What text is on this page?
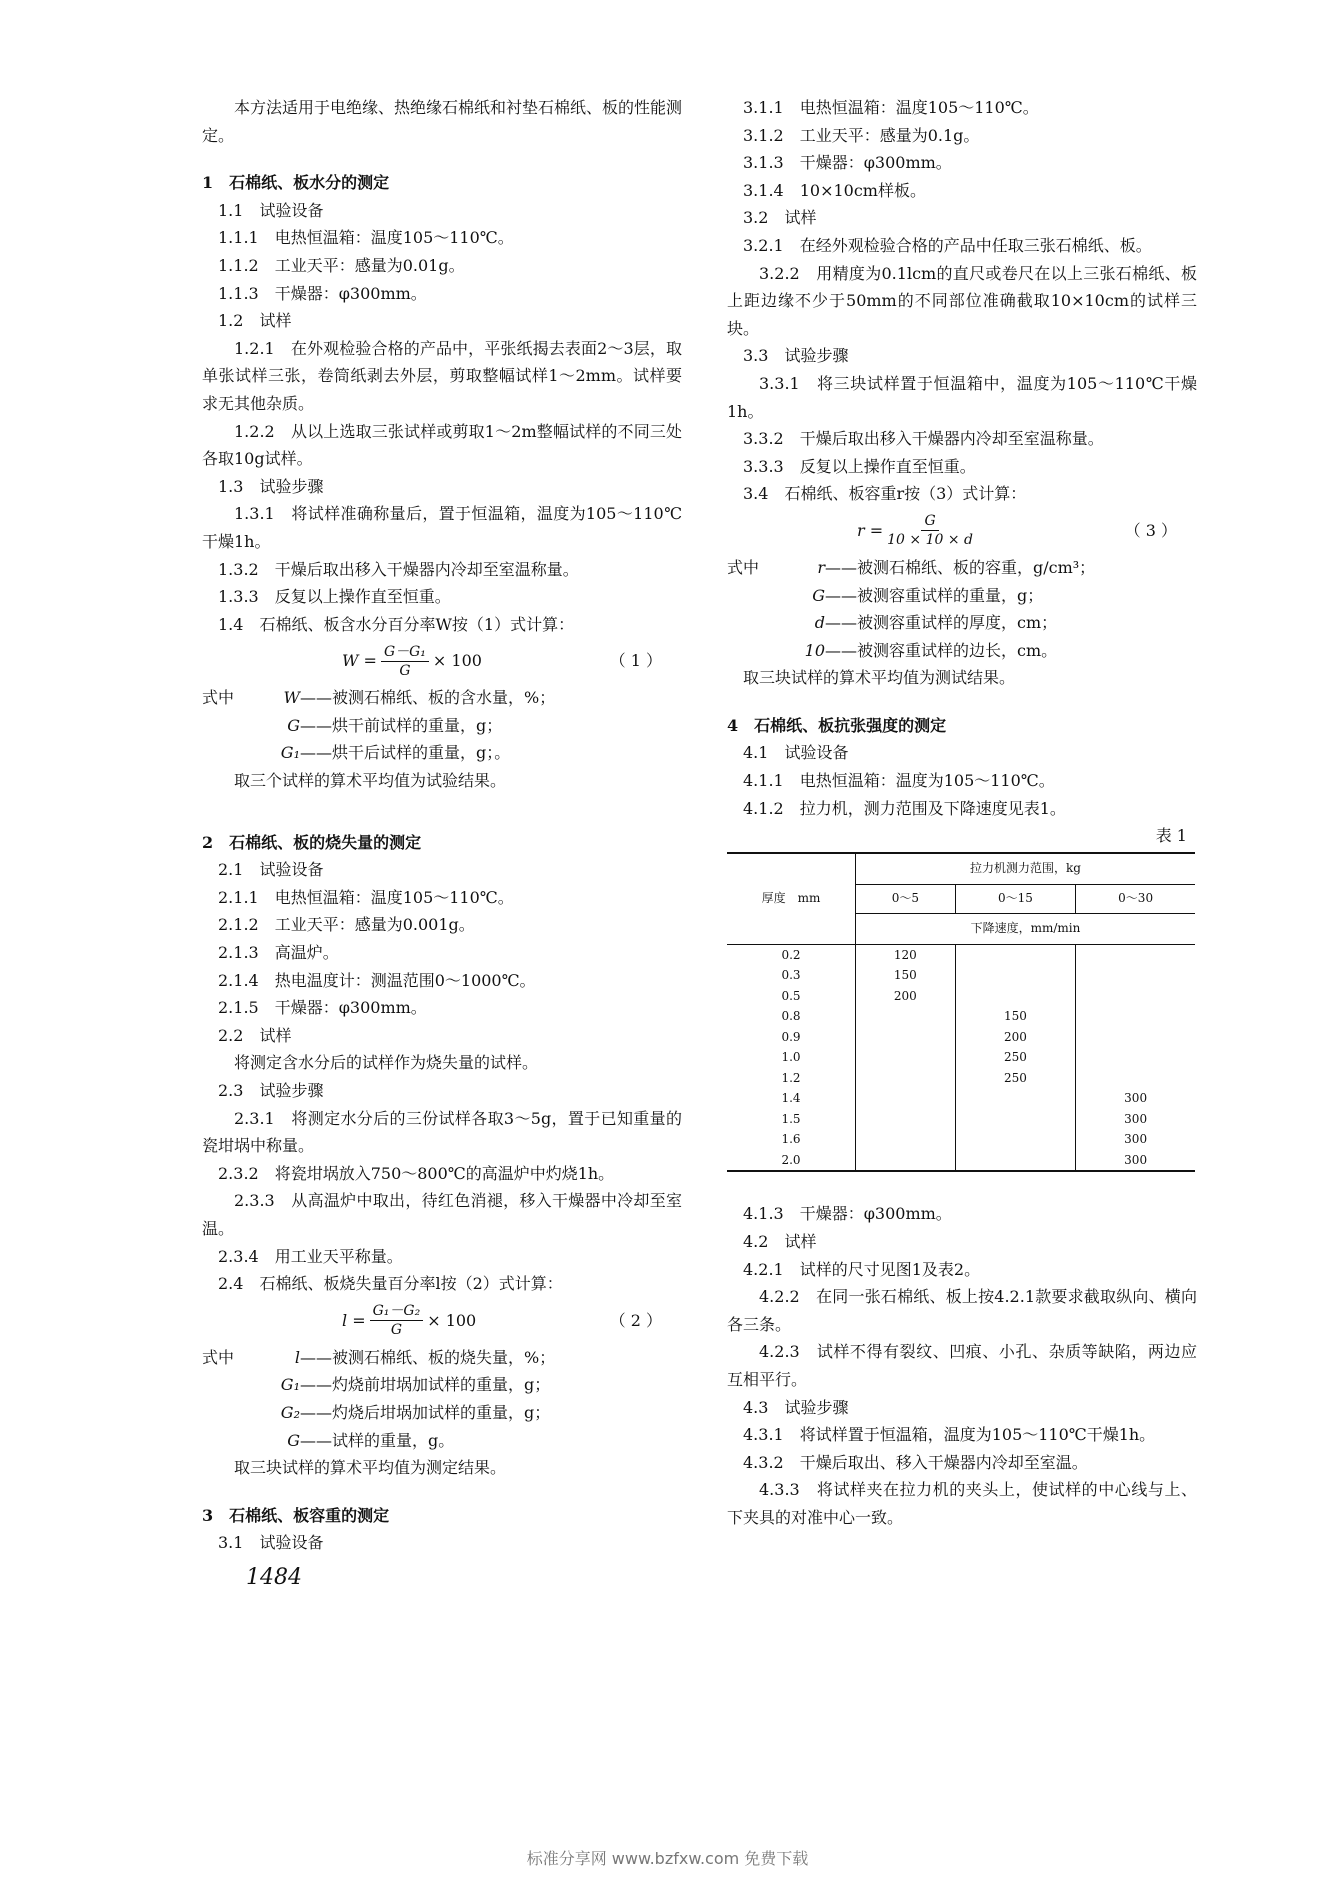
本方法适用于电绝缘、热绝缘石棉纸和衬垫石棉纸、板的性能测定。

1　石棉纸、板水分的测定

1.1　试验设备

1.1.1　电热恒温箱：温度105～110℃。

1.1.2　工业天平：感量为0.01g。

1.1.3　干燥器：φ300mm。

1.2　试样

1.2.1　在外观检验合格的产品中，平张纸揭去表面2～3层，取单张试样三张，卷筒纸剥去外层，剪取整幅试样1～2mm。试样要求无其他杂质。

1.2.2　从以上选取三张试样或剪取1～2m整幅试样的不同三处各取10g试样。

1.3　试验步骤

1.3.1　将试样准确称量后，置于恒温箱，温度为105～110℃干燥1h。

1.3.2　干燥后取出移入干燥器内冷却至室温称量。

1.3.3　反复以上操作直至恒重。

1.4　石棉纸、板含水分百分率W按（1）式计算：

$W = \frac{\text{G－G₁}}{G} \times 100$	（ 1 ）
式中	W ——被测石棉纸、板的含水量，%；
G ——烘干前试样的重量，g；
G₁ ——烘干后试样的重量，g；。

取三个试样的算术平均值为试验结果。

2　石棉纸、板的烧失量的测定

2.1　试验设备

2.1.1　电热恒温箱：温度105～110℃。

2.1.2　工业天平：感量为0.001g。

2.1.3　高温炉。

2.1.4　热电温度计：测温范围0～1000℃。

2.1.5　干燥器：φ300mm。

2.2　试样

将测定含水分后的试样作为烧失量的试样。

2.3　试验步骤

2.3.1　将测定水分后的三份试样各取3～5g，置于已知重量的瓷坩埚中称量。

2.3.2　将瓷坩埚放入750～800℃的高温炉中灼烧1h。

2.3.3　从高温炉中取出，待红色消褪，移入干燥器中冷却至室温。

2.3.4　用工业天平称量。

2.4　石棉纸、板烧失量百分率l按（2）式计算：

$l = \frac{\text{G₁－G₂}}{G} \times 100$	（ 2 ）
式中	l ——被测石棉纸、板的烧失量，%；
G₁ ——灼烧前坩埚加试样的重量，g；
G₂ ——灼烧后坩埚加试样的重量，g；
G ——试样的重量，g。

取三块试样的算术平均值为测定结果。

3　石棉纸、板容重的测定

3.1　试验设备

1484

3.1.1　电热恒温箱：温度105～110℃。

3.1.2　工业天平：感量为0.1g。

3.1.3　干燥器：φ300mm。

3.1.4　10×10cm样板。

3.2　试样

3.2.1　在经外观检验合格的产品中任取三张石棉纸、板。

3.2.2　用精度为0.1lcm的直尺或卷尺在以上三张石棉纸、板上距边缘不少于50mm的不同部位准确截取10×10cm的试样三块。

3.3　试验步骤

3.3.1　将三块试样置于恒温箱中，温度为105～110℃干燥1h。

3.3.2　干燥后取出移入干燥器内冷却至室温称量。

3.3.3　反复以上操作直至恒重。

3.4　石棉纸、板容重r按（3）式计算：

$r = \frac{G}{10 \times 10 \times d}$	（ 3 ）
式中	r ——被测石棉纸、板的容重，g/cm³；
G ——被测容重试样的重量，g；
d ——被测容重试样的厚度，cm；
10 ——被测容重试样的边长，cm。

取三块试样的算术平均值为测试结果。

4　石棉纸、板抗张强度的测定

4.1　试验设备

4.1.1　电热恒温箱：温度为105～110℃。

4.1.2　拉力机，测力范围及下降速度见表1。

表 1
厚度　mm	拉力机测力范围，kg		
	0～5	0～15	0～30
	下降速度，mm/min		
0.2	120		
0.3	150		
0.5	200		
0.8		150	
0.9		200	
1.0		250	
1.2		250	
1.4			300
1.5			300
1.6			300
2.0			300

4.1.3　干燥器：φ300mm。

4.2　试样

4.2.1　试样的尺寸见图1及表2。

4.2.2　在同一张石棉纸、板上按4.2.1款要求截取纵向、横向各三条。

4.2.3　试样不得有裂纹、凹痕、小孔、杂质等缺陷，两边应互相平行。

4.3　试验步骤

4.3.1　将试样置于恒温箱，温度为105～110℃干燥1h。

4.3.2　干燥后取出、移入干燥器内冷却至室温。

4.3.3　将试样夹在拉力机的夹头上，使试样的中心线与上、下夹具的对准中心一致。

标准分享网 www.bzfxw.com 免费下载
